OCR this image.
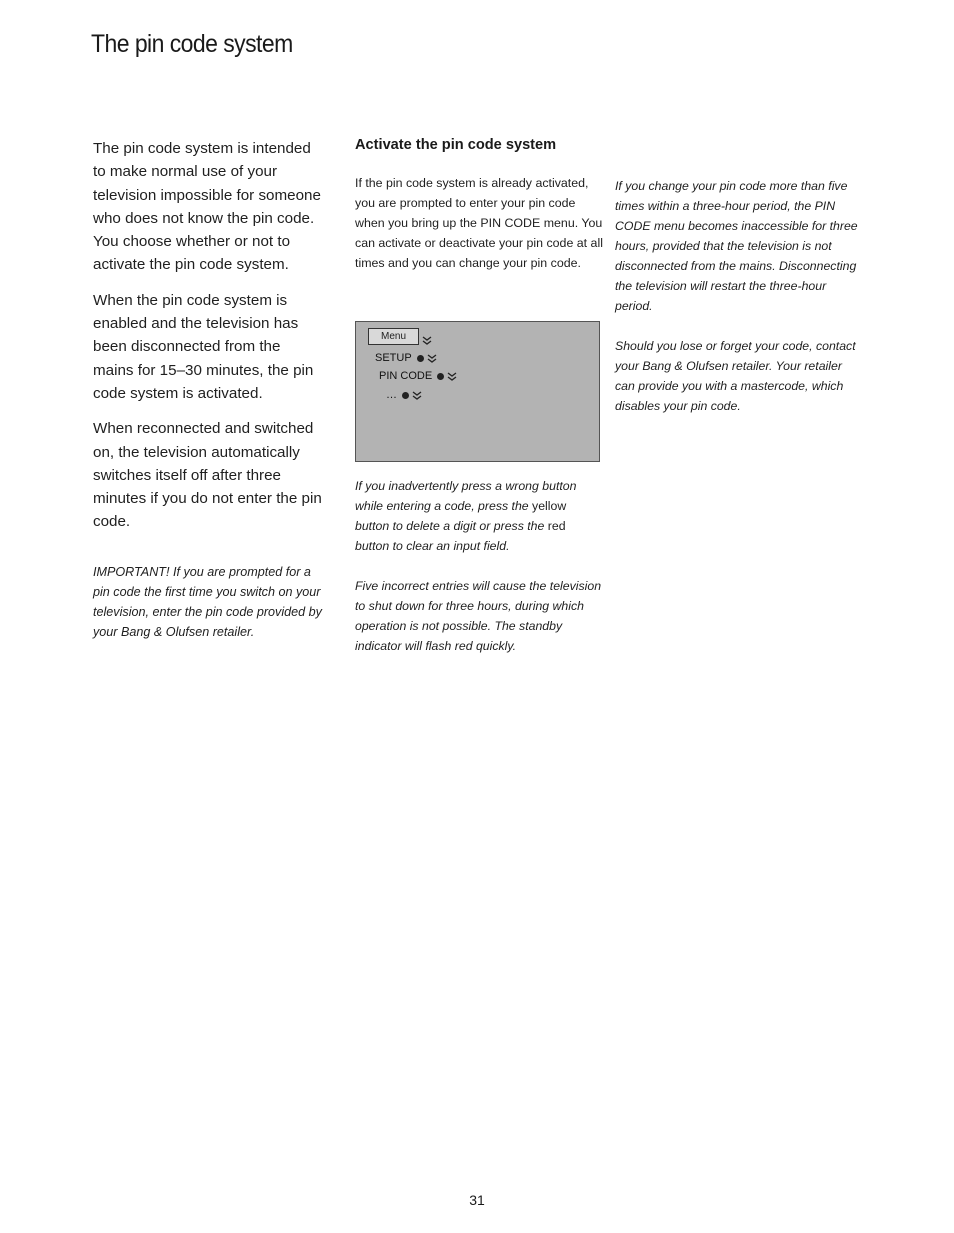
The pin code system

The pin code system is intended to make normal use of your television impossible for someone who does not know the pin code. You choose whether or not to activate the pin code system.

When the pin code system is enabled and the television has been disconnected from the mains for 15–30 minutes, the pin code system is activated.

When reconnected and switched on, the television automatically switches itself off after three minutes if you do not enter the pin code.

IMPORTANT! If you are prompted for a pin code the first time you switch on your television, enter the pin code provided by your Bang & Olufsen retailer.

Activate the pin code system

If the pin code system is already activated, you are prompted to enter your pin code when you bring up the PIN CODE menu. You can activate or deactivate your pin code at all times and you can change your pin code.

Menu
SETUP
PIN CODE
…

If you inadvertently press a wrong button while entering a code, press the yellow button to delete a digit or press the red button to clear an input field.

Five incorrect entries will cause the television to shut down for three hours, during which operation is not possible. The standby indicator will flash red quickly.

If you change your pin code more than five times within a three-hour period, the PIN CODE menu becomes inaccessible for three hours, provided that the television is not disconnected from the mains. Disconnecting the television will restart the three-hour period.

Should you lose or forget your code, contact your Bang & Olufsen retailer. Your retailer can provide you with a mastercode, which disables your pin code.

31
